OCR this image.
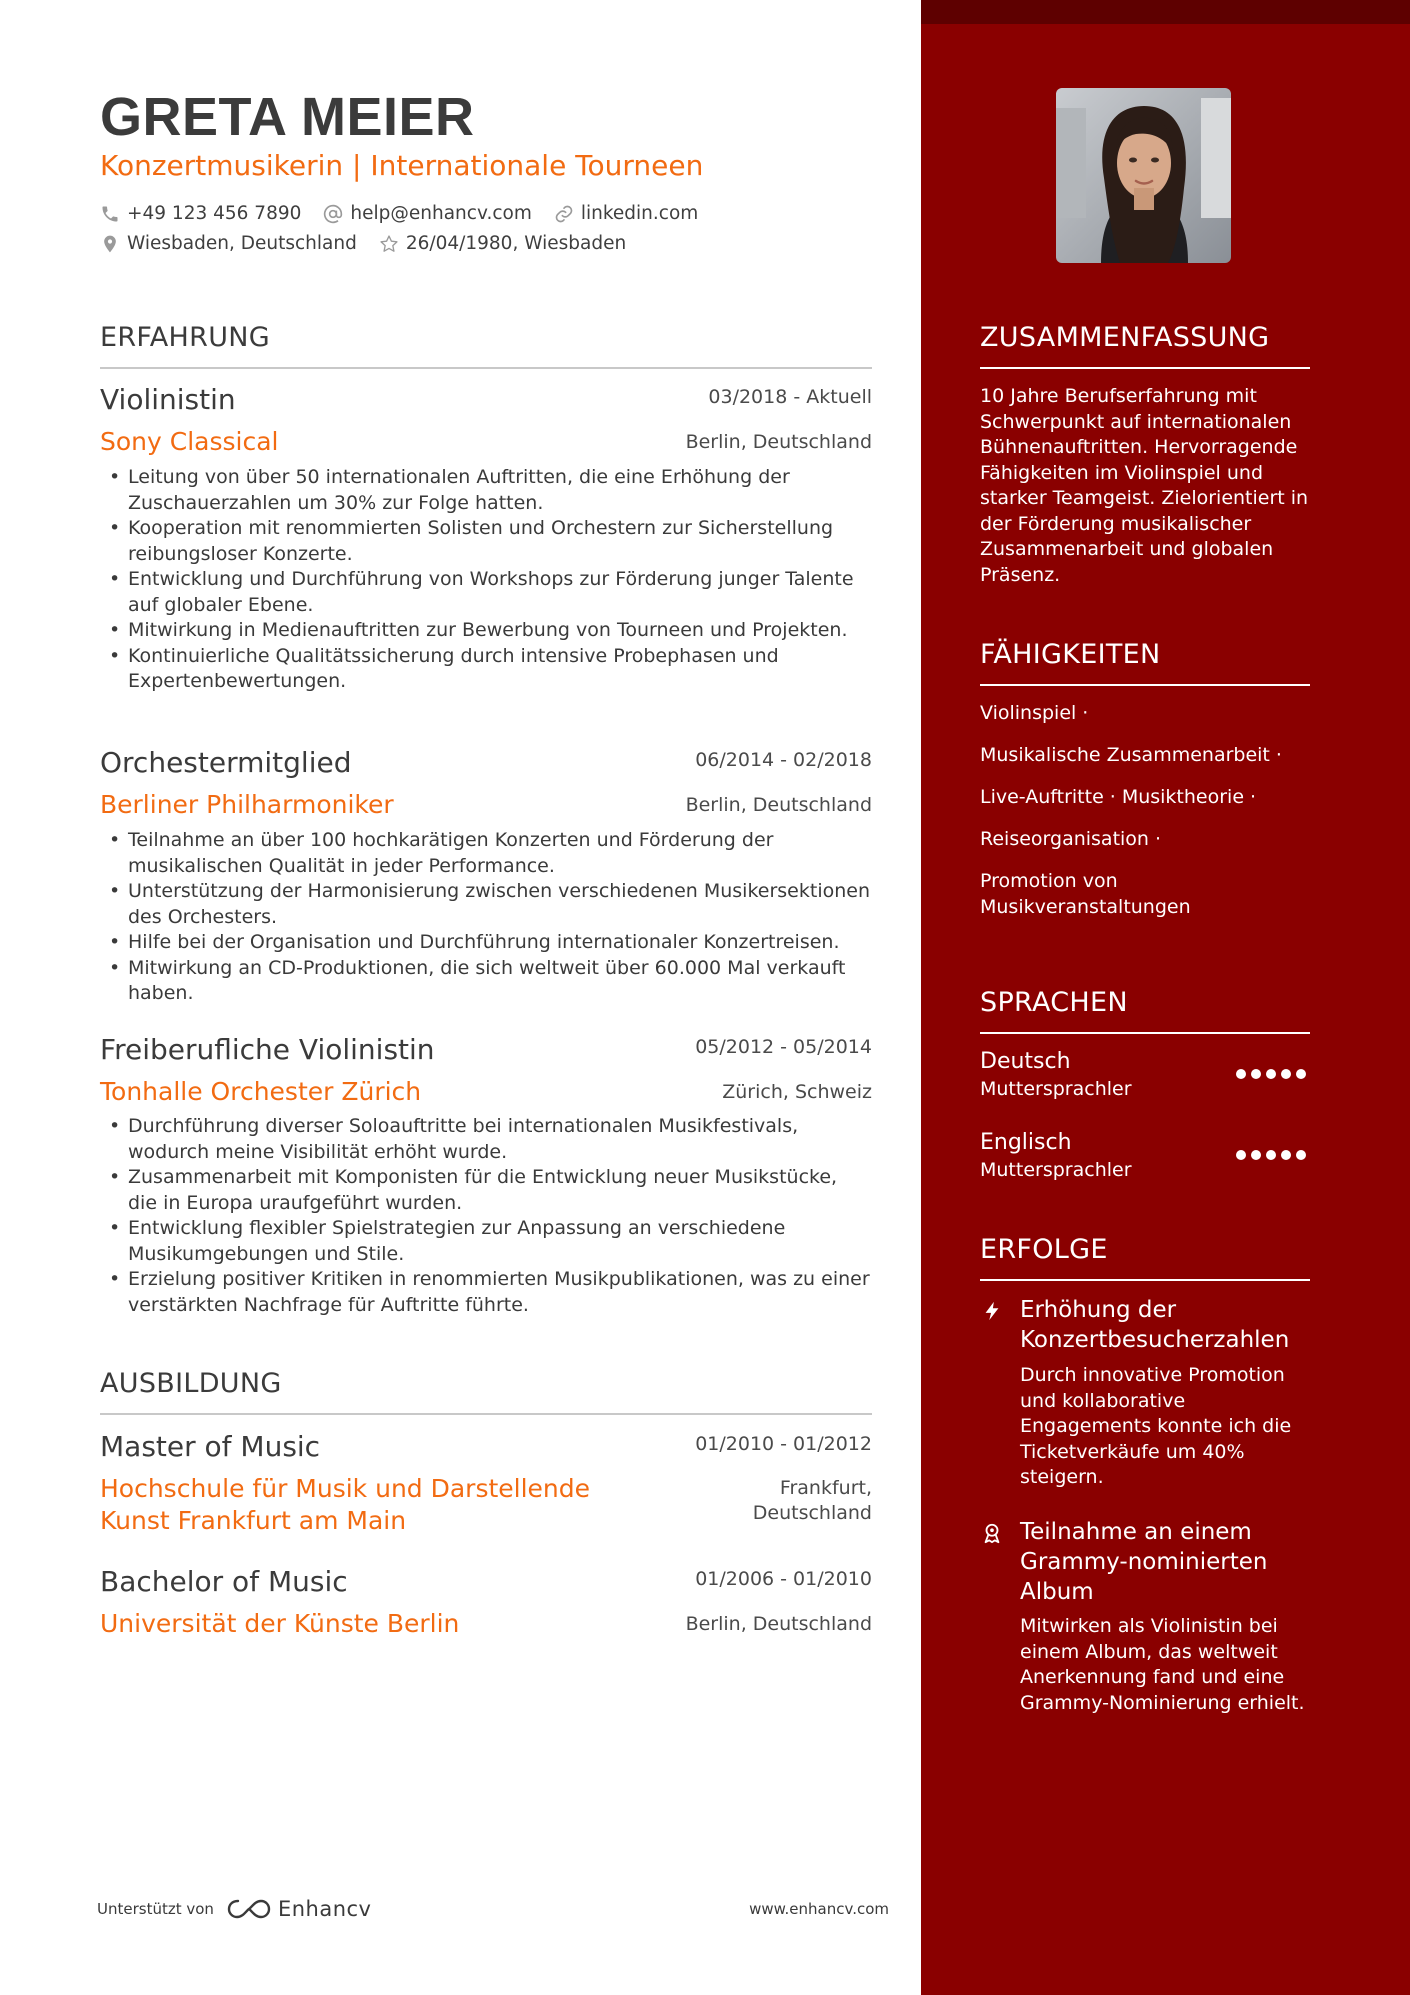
GRETA MEIER
Konzertmusikerin | Internationale Tourneen
+49 123 456 7890	help@enhancv.com	linkedin.com
Wiesbaden, Deutschland	26/04/1980, Wiesbaden
ERFAHRUNG
Violinistin	03/2018 - Aktuell
Sony Classical	Berlin, Deutschland
• Leitung von über 50 internationalen Auftritten, die eine Erhöhung der Zuschauerzahlen um 30% zur Folge hatten.
• Kooperation mit renommierten Solisten und Orchestern zur Sicherstellung reibungsloser Konzerte.
• Entwicklung und Durchführung von Workshops zur Förderung junger Talente auf globaler Ebene.
• Mitwirkung in Medienauftritten zur Bewerbung von Tourneen und Projekten.
• Kontinuierliche Qualitätssicherung durch intensive Probephasen und Expertenbewertungen.
Orchestermitglied	06/2014 - 02/2018
Berliner Philharmoniker	Berlin, Deutschland
• Teilnahme an über 100 hochkarätigen Konzerten und Förderung der musikalischen Qualität in jeder Performance.
• Unterstützung der Harmonisierung zwischen verschiedenen Musikersektionen des Orchesters.
• Hilfe bei der Organisation und Durchführung internationaler Konzertreisen.
• Mitwirkung an CD-Produktionen, die sich weltweit über 60.000 Mal verkauft haben.
Freiberufliche Violinistin	05/2012 - 05/2014
Tonhalle Orchester Zürich	Zürich, Schweiz
• Durchführung diverser Soloauftritte bei internationalen Musikfestivals, wodurch meine Visibilität erhöht wurde.
• Zusammenarbeit mit Komponisten für die Entwicklung neuer Musikstücke, die in Europa uraufgeführt wurden.
• Entwicklung flexibler Spielstrategien zur Anpassung an verschiedene Musikumgebungen und Stile.
• Erzielung positiver Kritiken in renommierten Musikpublikationen, was zu einer verstärkten Nachfrage für Auftritte führte.
AUSBILDUNG
Master of Music	01/2010 - 01/2012
Hochschule für Musik und Darstellende Kunst Frankfurt am Main
Frankfurt, Deutschland
Bachelor of Music	01/2006 - 01/2010
Universität der Künste Berlin	Berlin, Deutschland
Unterstützt von	Enhancv	www.enhancv.com
ZUSAMMENFASSUNG
10 Jahre Berufserfahrung mit Schwerpunkt auf internationalen Bühnenauftritten. Hervorragende Fähigkeiten im Violinspiel und starker Teamgeist. Zielorientiert in der Förderung musikalischer Zusammenarbeit und globalen Präsenz.
FÄHIGKEITEN
Violinspiel ·
Musikalische Zusammenarbeit ·
Live-Auftritte · Musiktheorie ·
Reiseorganisation ·
Promotion von Musikveranstaltungen
SPRACHEN
Deutsch
Muttersprachler
Englisch
Muttersprachler
ERFOLGE
Erhöhung der Konzertbesucherzahlen
Durch innovative Promotion und kollaborative Engagements konnte ich die Ticketverkäufe um 40% steigern.
Teilnahme an einem Grammy-nominierten Album
Mitwirken als Violinistin bei einem Album, das weltweit Anerkennung fand und eine Grammy-Nominierung erhielt.
